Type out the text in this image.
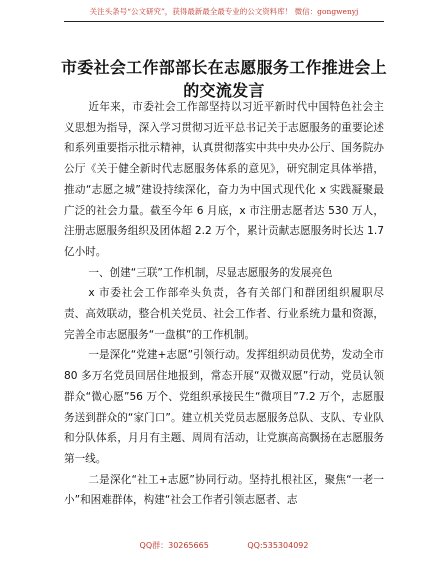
关注头条号“公文研究”，获得最新最全最专业的公文资料库！ 微信：gongwenyj
市委社会工作部部长在志愿服务工作推进会上
的交流发言

近年来，市委社会工作部坚持以习近平新时代中国特色社会主义思想为指导，深入学习贯彻习近平总书记关于志愿服务的重要论述和系列重要指示批示精神，认真贯彻落实中共中央办公厅、国务院办公厅《关于健全新时代志愿服务体系的意见》，研究制定具体举措，推动“志愿之城”建设持续深化，奋力为中国式现代化 x 实践凝聚最广泛的社会力量。截至今年 6 月底，x 市注册志愿者达 530 万人，注册志愿服务组织及团体超 2.2 万个，累计贡献志愿服务时长达 1.7 亿小时。

一、创建“三联”工作机制，尽显志愿服务的发展亮色

x 市委社会工作部牵头负责，各有关部门和群团组织履职尽责、高效联动，整合机关党员、社会工作者、行业系统力量和资源，完善全市志愿服务“一盘棋”的工作机制。

一是深化“党建+志愿”引领行动。发挥组织动员优势，发动全市 80 多万名党员回居住地报到，常态开展“双微双愿”行动，党员认领群众“微心愿”56 万个、党组织承接民生“微项目”7.2 万个，志愿服务送到群众的“家门口”。建立机关党员志愿服务总队、支队、专业队和分队体系，月月有主题、周周有活动，让党旗高高飘扬在志愿服务第一线。

二是深化“社工+志愿”协同行动。坚持扎根社区，聚焦“一老一小”和困难群体，构建“社会工作者引领志愿者、志

QQ群：30265665	QQ:535304092
